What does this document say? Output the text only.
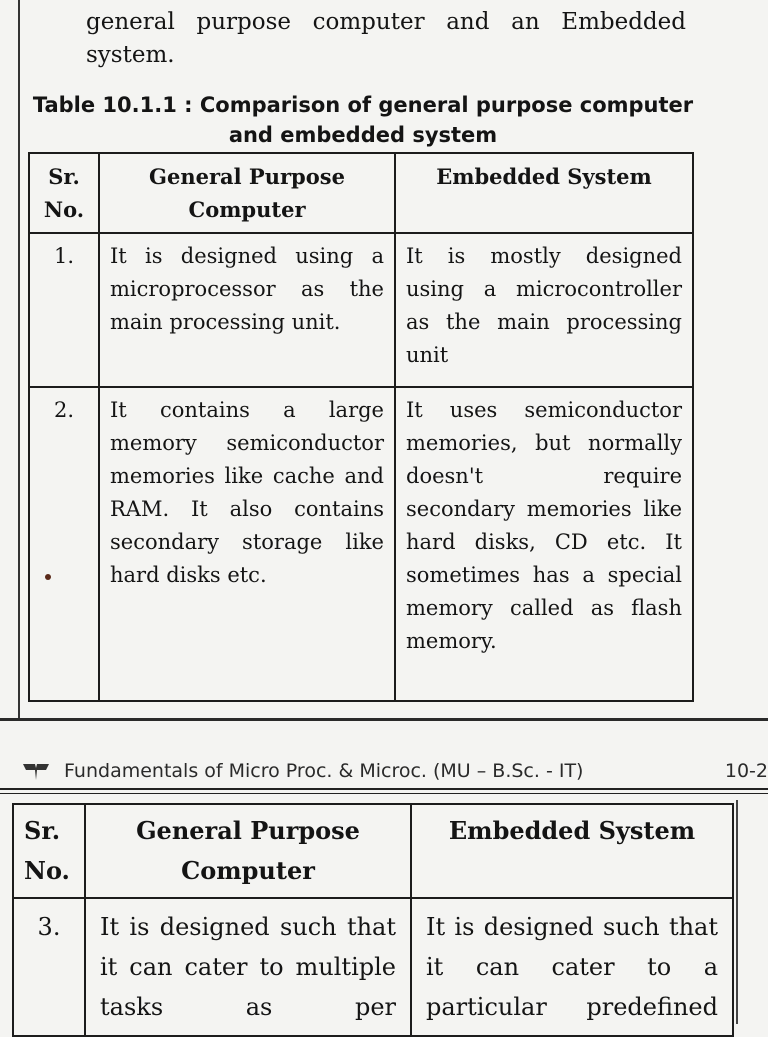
general purpose computer and an Embedded system.
Table 10.1.1 : Comparison of general purpose computer and embedded system
Sr. No.	General Purpose Computer	Embedded System
1.	It is designed using a microprocessor as the main processing unit.	It is mostly designed using a microcontroller as the main processing unit
2.	It contains a large memory semiconductor memories like cache and RAM. It also contains secondary storage like hard disks etc.	It uses semiconductor memories, but normally doesn't require secondary memories like hard disks, CD etc. It sometimes has a special memory called as flash memory.
Fundamentals of Micro Proc. & Microc. (MU – B.Sc. - IT)	10-2
Sr. No.	General Purpose Computer	Embedded System
3.	It is designed such that it can cater to multiple tasks as per	It is designed such that it can cater to a particular predefined
